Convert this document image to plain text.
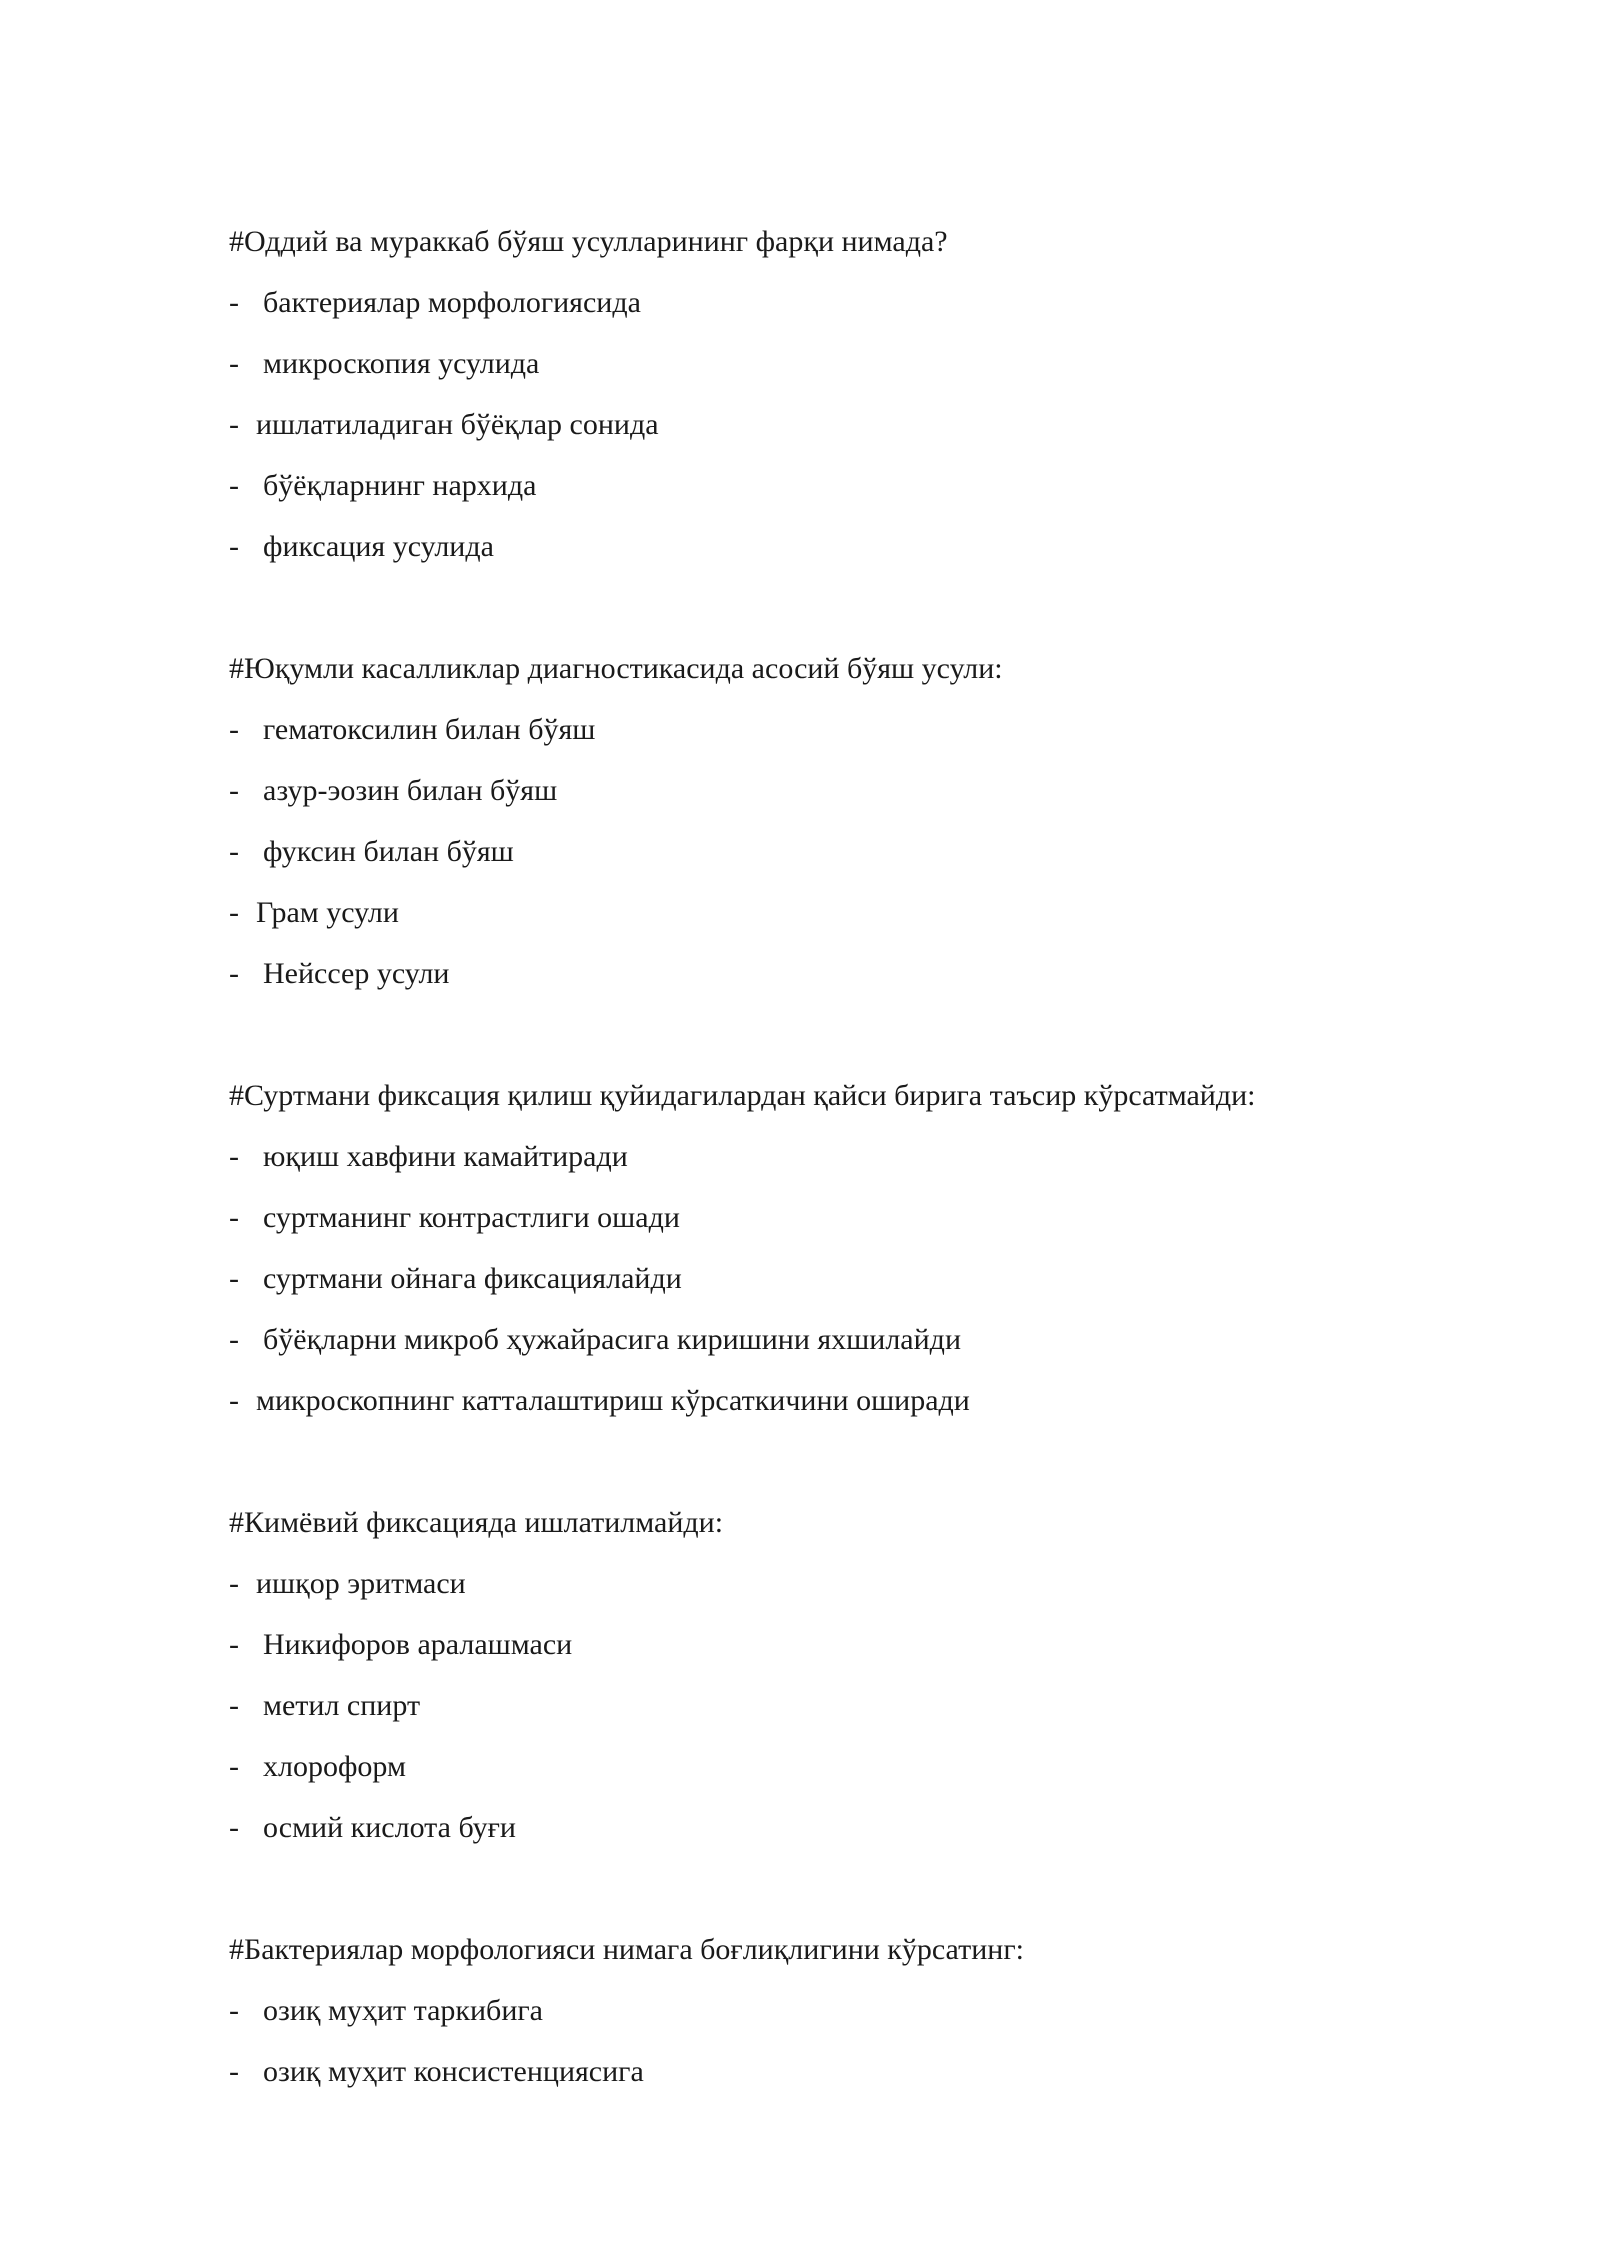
#Оддий ва мураккаб бўяш усулларининг фарқи нимада?
- бактериялар морфологиясида
- микроскопия усулида
- ишлатиладиган бўёқлар сонида
- бўёқларнинг нархида
- фиксация усулида
#Юқумли касалликлар диагностикасида асосий бўяш усули:
- гематоксилин билан бўяш
- азур-эозин билан бўяш
- фуксин билан бўяш
- Грам усули
- Нейссер усули
#Суртмани фиксация қилиш қуйидагилардан қайси бирига таъсир кўрсатмайди:
- юқиш хавфини камайтиради
- суртманинг контрастлиги ошади
- суртмани ойнага фиксациялайди
- бўёқларни микроб ҳужайрасига киришини яхшилайди
- микроскопнинг катталаштириш кўрсаткичини оширади
#Кимёвий фиксацияда ишлатилмайди:
- ишқор эритмаси
- Никифоров аралашмаси
- метил спирт
- хлороформ
- осмий кислота буғи
#Бактериялар морфологияси нимага боғлиқлигини кўрсатинг:
- озиқ муҳит таркибига
- озиқ муҳит консистенциясига
